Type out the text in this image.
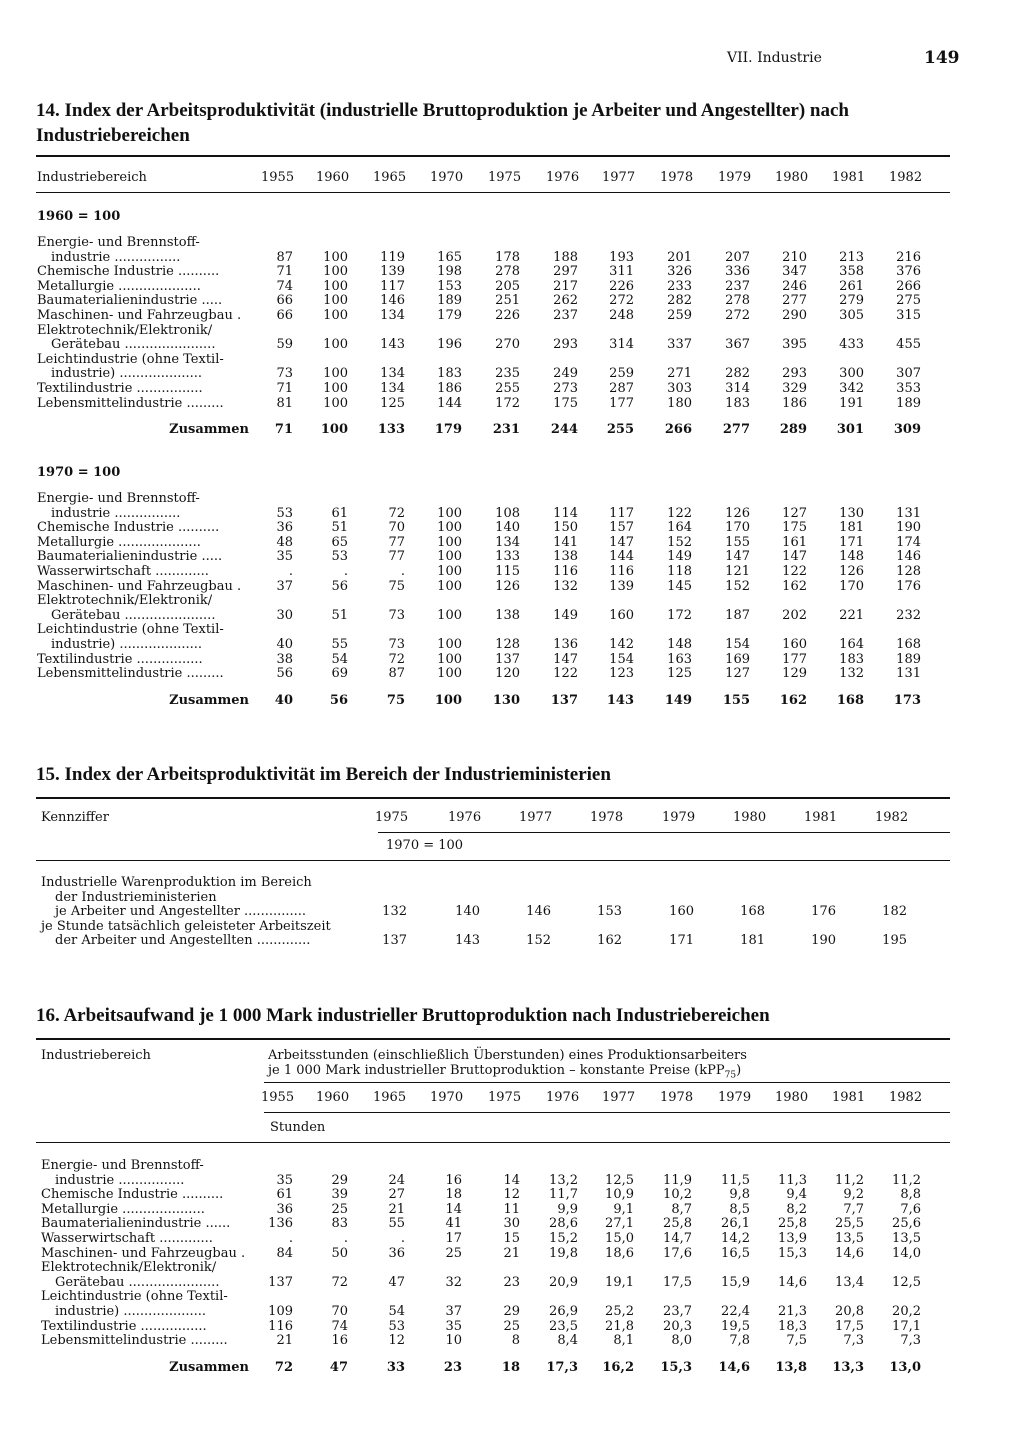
VII. Industrie	149
14. Index der Arbeitsproduktivität (industrielle Bruttoproduktion je Arbeiter und Angestellter) nach Industriebereichen
Industriebereich	1955 1960 1965 1970 1975 1976 1977 1978 1979 1980 1981 1982
1960 = 100
Energie- und Brennstoff-												
industrie ................	87	100	119	165	178	188	193	201	207	210	213	216
Chemische Industrie ..........	71	100	139	198	278	297	311	326	336	347	358	376
Metallurgie ....................	74	100	117	153	205	217	226	233	237	246	261	266
Baumaterialienindustrie .....	66	100	146	189	251	262	272	282	278	277	279	275
Maschinen- und Fahrzeugbau .	66	100	134	179	226	237	248	259	272	290	305	315
Elektrotechnik/Elektronik/												
Gerätebau ......................	59	100	143	196	270	293	314	337	367	395	433	455
Leichtindustrie (ohne Textil-												
industrie) ....................	73	100	134	183	235	249	259	271	282	293	300	307
Textilindustrie ................	71	100	134	186	255	273	287	303	314	329	342	353
Lebensmittelindustrie .........	81	100	125	144	172	175	177	180	183	186	191	189

Zusammen	71	100	133	179	231	244	255	266	277	289	301	309
1970 = 100
Energie- und Brennstoff-												
industrie ................	53	61	72	100	108	114	117	122	126	127	130	131
Chemische Industrie ..........	36	51	70	100	140	150	157	164	170	175	181	190
Metallurgie ....................	48	65	77	100	134	141	147	152	155	161	171	174
Baumaterialienindustrie .....	35	53	77	100	133	138	144	149	147	147	148	146
Wasserwirtschaft .............	.	.	.	100	115	116	116	118	121	122	126	128
Maschinen- und Fahrzeugbau .	37	56	75	100	126	132	139	145	152	162	170	176
Elektrotechnik/Elektronik/												
Gerätebau ......................	30	51	73	100	138	149	160	172	187	202	221	232
Leichtindustrie (ohne Textil-												
industrie) ....................	40	55	73	100	128	136	142	148	154	160	164	168
Textilindustrie ................	38	54	72	100	137	147	154	163	169	177	183	189
Lebensmittelindustrie .........	56	69	87	100	120	122	123	125	127	129	132	131

Zusammen	40	56	75	100	130	137	143	149	155	162	168	173
15. Index der Arbeitsproduktivität im Bereich der Industrieministerien
Kennziffer	1975	1976	1977	1978	1979	1980	1981	1982
1970 = 100
Industrielle Warenproduktion im Bereich								
der Industrieministerien								
je Arbeiter und Angestellter ...............	132	140	146	153	160	168	176	182
je Stunde tatsächlich geleisteter Arbeitszeit								
der Arbeiter und Angestellten .............	137	143	152	162	171	181	190	195
16. Arbeitsaufwand je 1 000 Mark industrieller Bruttoproduktion nach Industriebereichen
Industriebereich	Arbeitsstunden (einschließlich Überstunden) eines Produktionsarbeiters
je 1 000 Mark industrieller Bruttoproduktion – konstante Preise (kPP$_{75}$)
1955 1960 1965 1970 1975 1976 1977 1978 1979 1980 1981 1982
Stunden
Energie- und Brennstoff-												
industrie ................	35	29	24	16	14	13,2	12,5	11,9	11,5	11,3	11,2	11,2
Chemische Industrie ..........	61	39	27	18	12	11,7	10,9	10,2	9,8	9,4	9,2	8,8
Metallurgie ....................	36	25	21	14	11	9,9	9,1	8,7	8,5	8,2	7,7	7,6
Baumaterialienindustrie ......	136	83	55	41	30	28,6	27,1	25,8	26,1	25,8	25,5	25,6
Wasserwirtschaft .............	.	.	.	17	15	15,2	15,0	14,7	14,2	13,9	13,5	13,5
Maschinen- und Fahrzeugbau .	84	50	36	25	21	19,8	18,6	17,6	16,5	15,3	14,6	14,0
Elektrotechnik/Elektronik/												
Gerätebau ......................	137	72	47	32	23	20,9	19,1	17,5	15,9	14,6	13,4	12,5
Leichtindustrie (ohne Textil-												
industrie) ....................	109	70	54	37	29	26,9	25,2	23,7	22,4	21,3	20,8	20,2
Textilindustrie ................	116	74	53	35	25	23,5	21,8	20,3	19,5	18,3	17,5	17,1
Lebensmittelindustrie .........	21	16	12	10	8	8,4	8,1	8,0	7,8	7,5	7,3	7,3

Zusammen	72	47	33	23	18	17,3	16,2	15,3	14,6	13,8	13,3	13,0
